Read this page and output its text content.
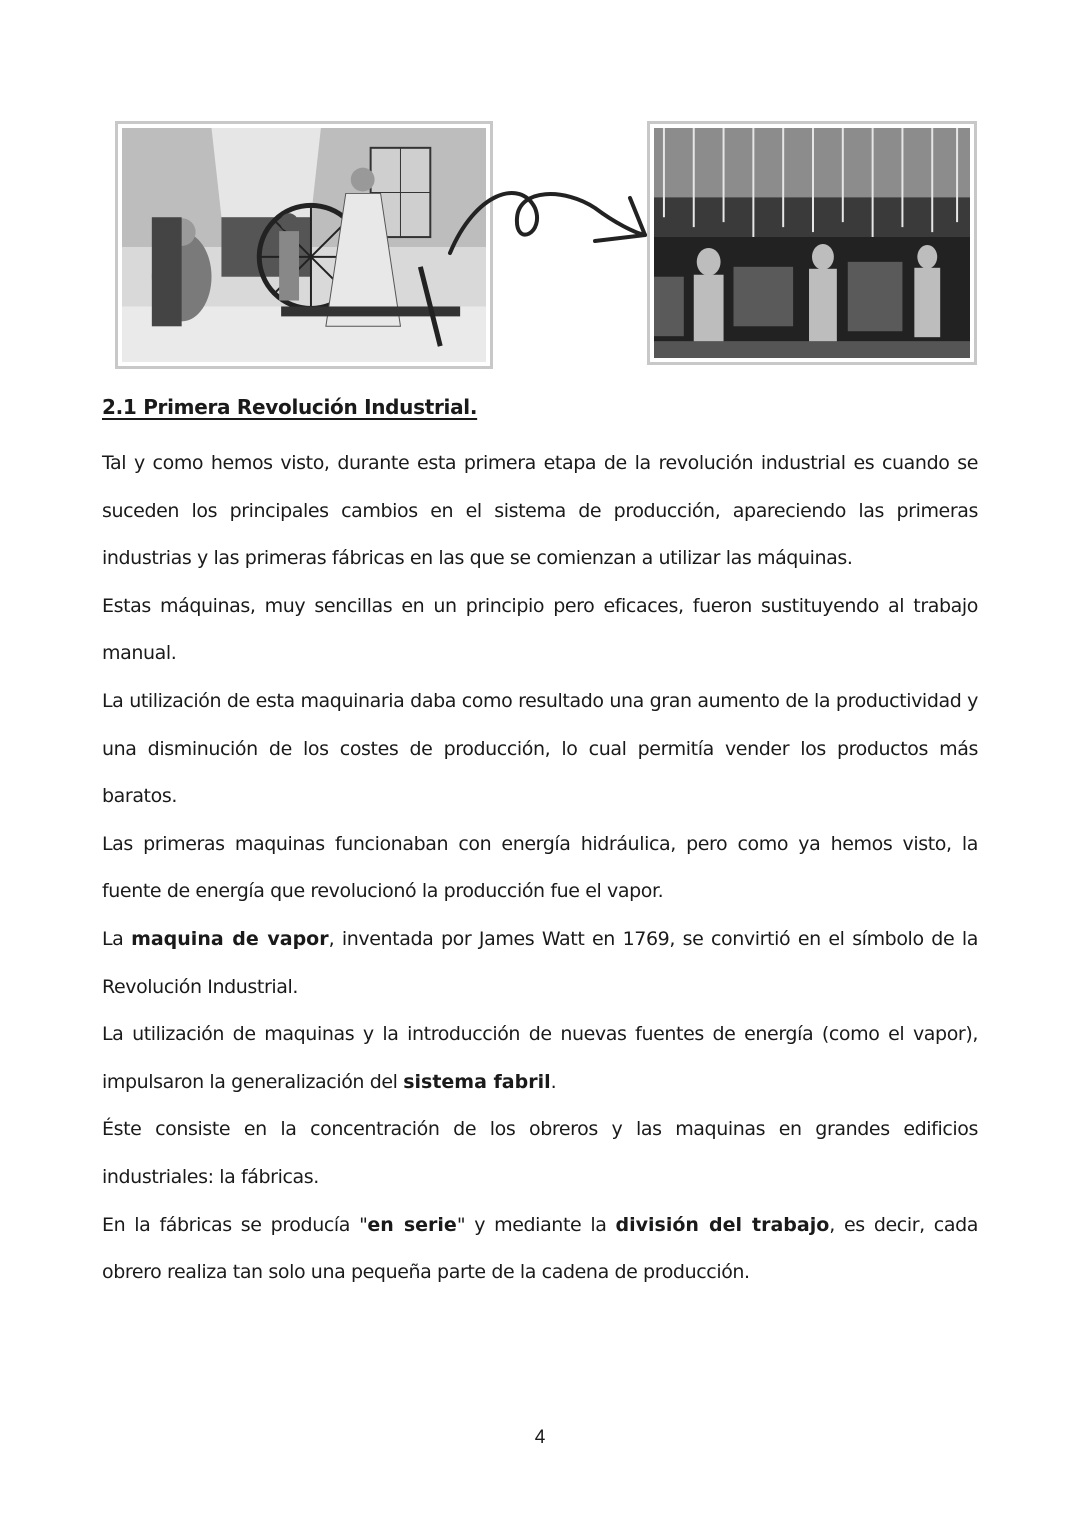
2.1 Primera Revolución Industrial.

Tal y como hemos visto, durante esta primera etapa de la revolución industrial es cuando se suceden los principales cambios en el sistema de producción, apareciendo las primeras industrias y las primeras fábricas en las que se comienzan a utilizar las máquinas.

Estas máquinas, muy sencillas en un principio pero eficaces, fueron sustituyendo al trabajo manual.

La utilización de esta maquinaria daba como resultado una gran aumento de la productividad y una disminución de los costes de producción, lo cual permitía vender los productos más baratos.

Las primeras maquinas funcionaban con energía hidráulica, pero como ya hemos visto, la fuente de energía que revolucionó la producción fue el vapor.

La maquina de vapor, inventada por James Watt en 1769, se convirtió en el símbolo de la Revolución Industrial.

La utilización de maquinas y la introducción de nuevas fuentes de energía (como el vapor), impulsaron la generalización del sistema fabril.

Éste consiste en la concentración de los obreros y las maquinas en grandes edificios industriales: la fábricas.

En la fábricas se producía "en serie" y mediante la división del trabajo, es decir, cada obrero realiza tan solo una pequeña parte de la cadena de producción.

4
